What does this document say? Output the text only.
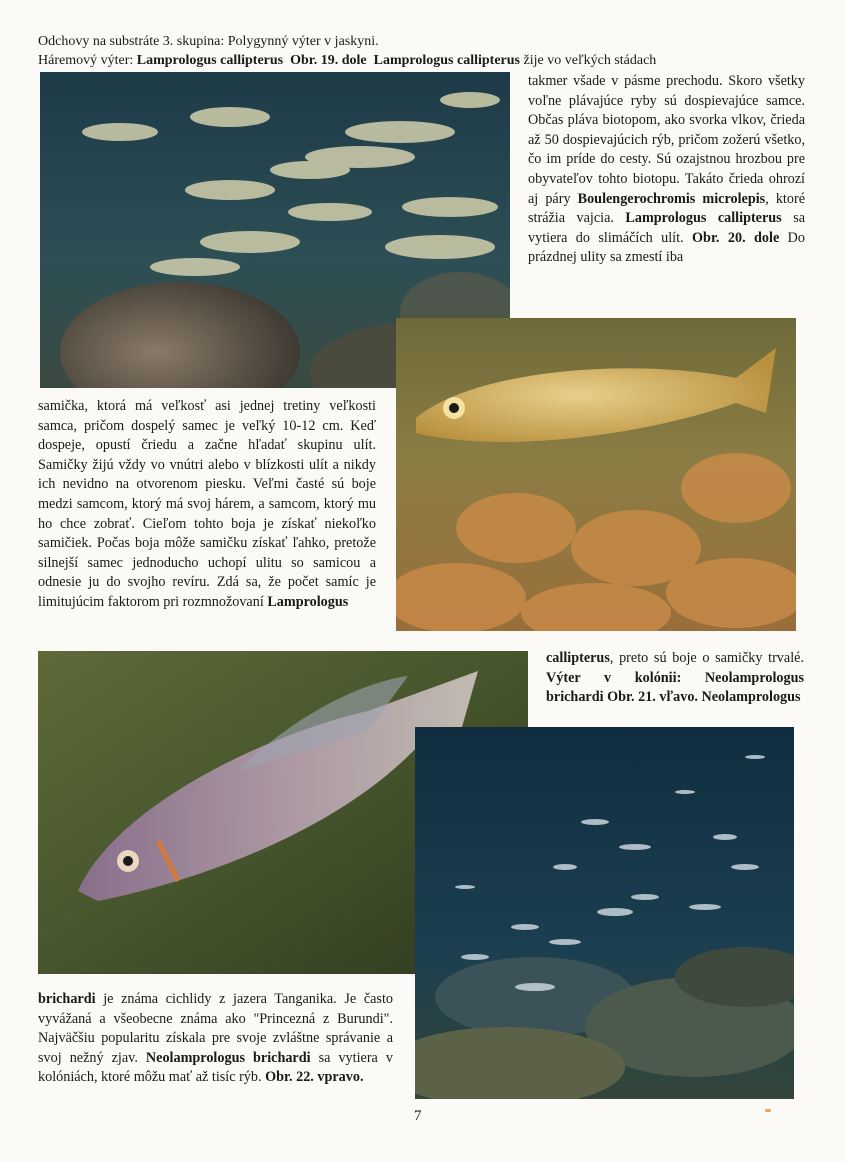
Odchovy na substráte 3. skupina: Polygynný výter v jaskyni.
Háremový výter: Lamprologus callipterus Obr. 19. dole Lamprologus callipterus žije vo veľkých stádach
takmer všade v pásme prechodu. Skoro všetky voľne plávajúce ryby sú dospievajúce samce. Občas pláva biotopom, ako svorka vlkov, črieda až 50 dospievajúcich rýb, pričom zožerú všetko, čo im príde do cesty. Sú ozajstnou hrozbou pre obyvateľov tohto biotopu. Takáto črieda ohrozí aj páry Boulengerochromis microlepis, ktoré strážia vajcia. Lamprologus callipterus sa vytiera do slimáčích ulít. Obr. 20. dole Do prázdnej ulity sa zmestí iba
samička, ktorá má veľkosť asi jednej tretiny veľkosti samca, pričom dospelý samec je veľký 10-12 cm. Keď dospeje, opustí čriedu a začne hľadať skupinu ulít. Samičky žijú vždy vo vnútri alebo v blízkosti ulít a nikdy ich nevidno na otvorenom piesku. Veľmi časté sú boje medzi samcom, ktorý má svoj hárem, a samcom, ktorý mu ho chce zobrať. Cieľom tohto boja je získať niekoľko samičiek. Počas boja môže samičku získať ľahko, pretože silnejší samec jednoducho uchopí ulitu so samicou a odnesie ju do svojho revíru. Zdá sa, že počet samíc je limitujúcim faktorom pri rozmnožovaní Lamprologus
callipterus, preto sú boje o samičky trvalé. Výter v kolónii: Neolamprologus brichardi Obr. 21. vľavo. Neolamprologus
brichardi je známa cichlidy z jazera Tanganika. Je často vyvážaná a všeobecne známa ako "Princezná z Burundi". Najväčšiu popularitu získala pre svoje zvláštne správanie a svoj nežný zjav. Neolamprologus brichardi sa vytiera v kolóniách, ktoré môžu mať až tisíc rýb. Obr. 22. vpravo.
7
